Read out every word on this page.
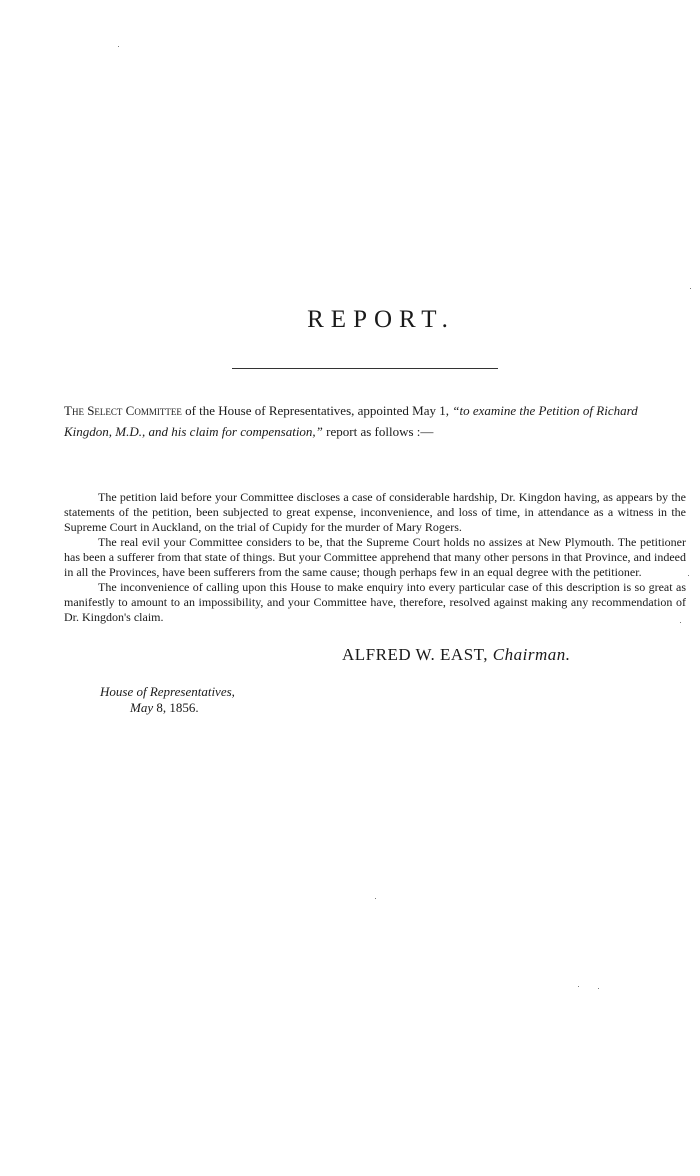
REPORT.
The Select Committee of the House of Representatives, appointed May 1, “to examine the Petition of Richard Kingdon, M.D., and his claim for compensation,” report as follows :—

The petition laid before your Committee discloses a case of considerable hardship, Dr. Kingdon having, as appears by the statements of the petition, been subjected to great expense, inconvenience, and loss of time, in attendance as a witness in the Supreme Court in Auckland, on the trial of Cupidy for the murder of Mary Rogers.

The real evil your Committee considers to be, that the Supreme Court holds no assizes at New Plymouth. The petitioner has been a sufferer from that state of things. But your Committee apprehend that many other persons in that Province, and indeed in all the Provinces, have been sufferers from the same cause; though perhaps few in an equal degree with the petitioner.

The inconvenience of calling upon this House to make enquiry into every particular case of this description is so great as manifestly to amount to an impossibility, and your Committee have, therefore, resolved against making any recommendation of Dr. Kingdon's claim.

ALFRED W. EAST, Chairman.
House of Representatives,
May 8, 1856.
